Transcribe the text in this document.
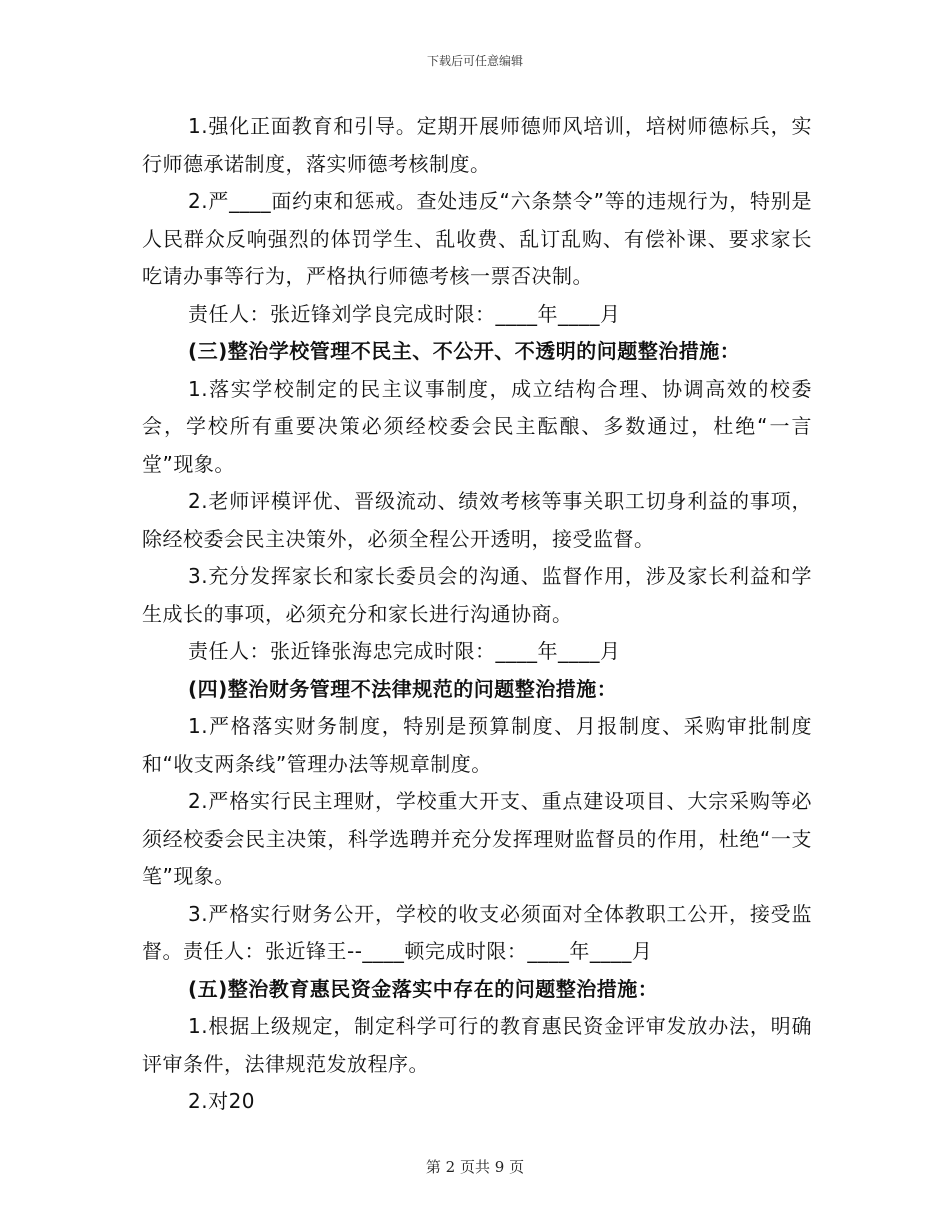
下载后可任意编辑

1.强化正面教育和引导。定期开展师德师风培训，培树师德标兵，实行师德承诺制度，落实师德考核制度。

2.严____面约束和惩戒。查处违反“六条禁令”等的违规行为，特别是人民群众反响强烈的体罚学生、乱收费、乱订乱购、有偿补课、要求家长吃请办事等行为，严格执行师德考核一票否决制。

责任人：张近锋刘学良完成时限：____年____月

(三)整治学校管理不民主、不公开、不透明的问题整治措施：

1.落实学校制定的民主议事制度，成立结构合理、协调高效的校委会，学校所有重要决策必须经校委会民主酝酿、多数通过，杜绝“一言堂”现象。

2.老师评模评优、晋级流动、绩效考核等事关职工切身利益的事项，除经校委会民主决策外，必须全程公开透明，接受监督。

3.充分发挥家长和家长委员会的沟通、监督作用，涉及家长利益和学生成长的事项，必须充分和家长进行沟通协商。

责任人：张近锋张海忠完成时限：____年____月

(四)整治财务管理不法律规范的问题整治措施：

1.严格落实财务制度，特别是预算制度、月报制度、采购审批制度和“收支两条线”管理办法等规章制度。

2.严格实行民主理财，学校重大开支、重点建设项目、大宗采购等必须经校委会民主决策，科学选聘并充分发挥理财监督员的作用，杜绝“一支笔”现象。

3.严格实行财务公开，学校的收支必须面对全体教职工公开，接受监督。责任人：张近锋王--____顿完成时限：____年____月

(五)整治教育惠民资金落实中存在的问题整治措施：

1.根据上级规定，制定科学可行的教育惠民资金评审发放办法，明确评审条件，法律规范发放程序。

2.对20

第 2 页共 9 页
